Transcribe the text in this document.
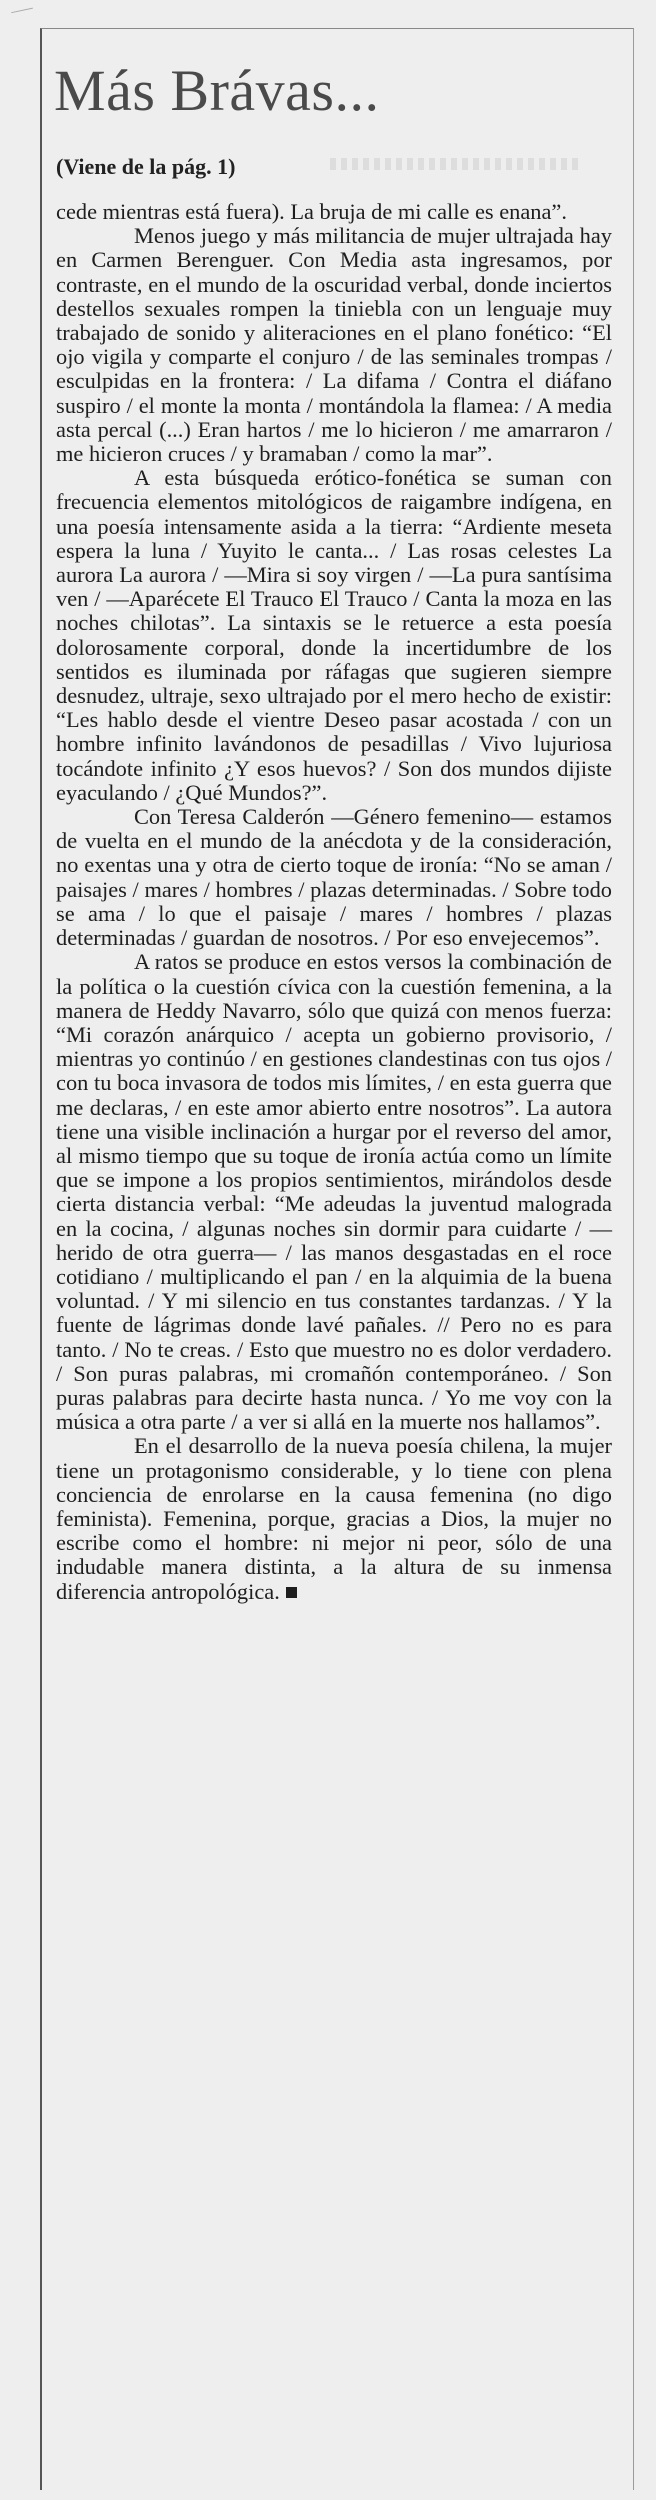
Más Brávas...
(Viene de la pág. 1)

cede mientras está fuera). La bruja de mi calle es enana”.

Menos juego y más militancia de mujer ultrajada hay en Carmen Berenguer. Con Media asta ingresamos, por contraste, en el mundo de la oscuridad verbal, donde inciertos destellos sexuales rompen la tiniebla con un lenguaje muy trabajado de sonido y aliteraciones en el plano fonético: “El ojo vigila y comparte el conjuro / de las seminales trompas / esculpidas en la frontera: / La difama / Contra el diáfano suspiro / el monte la monta / montándola la flamea: / A media asta percal (...) Eran hartos / me lo hicieron / me amarraron / me hicieron cruces / y bramaban / como la mar”.

A esta búsqueda erótico-fonética se suman con frecuencia elementos mitológicos de raigambre indígena, en una poesía intensamente asida a la tierra: “Ardiente meseta espera la luna / Yuyito le canta... / Las rosas celestes La aurora La aurora / —Mira si soy virgen / —La pura santísima ven / —Aparécete El Trauco El Trauco / Canta la moza en las noches chilotas”. La sintaxis se le retuerce a esta poesía dolorosamente corporal, donde la incertidumbre de los sentidos es iluminada por ráfagas que sugieren siempre desnudez, ultraje, sexo ultrajado por el mero hecho de existir: “Les hablo desde el vientre Deseo pasar acostada / con un hombre infinito lavándonos de pesadillas / Vivo lujuriosa tocándote infinito ¿Y esos huevos? / Son dos mundos dijiste eyaculando / ¿Qué Mundos?”.

Con Teresa Calderón —Género femenino— estamos de vuelta en el mundo de la anécdota y de la consideración, no exentas una y otra de cierto toque de ironía: “No se aman / paisajes / mares / hombres / plazas determinadas. / Sobre todo se ama / lo que el paisaje / mares / hombres / plazas determinadas / guardan de nosotros. / Por eso envejecemos”.

A ratos se produce en estos versos la combinación de la política o la cuestión cívica con la cuestión femenina, a la manera de Heddy Navarro, sólo que quizá con menos fuerza: “Mi corazón anárquico / acepta un gobierno provisorio, / mientras yo continúo / en gestiones clandestinas con tus ojos / con tu boca invasora de todos mis límites, / en esta guerra que me declaras, / en este amor abierto entre nosotros”. La autora tiene una visible inclinación a hurgar por el reverso del amor, al mismo tiempo que su toque de ironía actúa como un límite que se impone a los propios sentimientos, mirándolos desde cierta distancia verbal: “Me adeudas la juventud malograda en la cocina, / algunas noches sin dormir para cuidarte / —herido de otra guerra— / las manos desgastadas en el roce cotidiano / multiplicando el pan / en la alquimia de la buena voluntad. / Y mi silencio en tus constantes tardanzas. / Y la fuente de lágrimas donde lavé pañales. // Pero no es para tanto. / No te creas. / Esto que muestro no es dolor verdadero. / Son puras palabras, mi cromañón contemporáneo. / Son puras palabras para decirte hasta nunca. / Yo me voy con la música a otra parte / a ver si allá en la muerte nos hallamos”.

En el desarrollo de la nueva poesía chilena, la mujer tiene un protagonismo considerable, y lo tiene con plena conciencia de enrolarse en la causa femenina (no digo feminista). Femenina, porque, gracias a Dios, la mujer no escribe como el hombre: ni mejor ni peor, sólo de una indudable manera distinta, a la altura de su inmensa diferencia antropológica.
